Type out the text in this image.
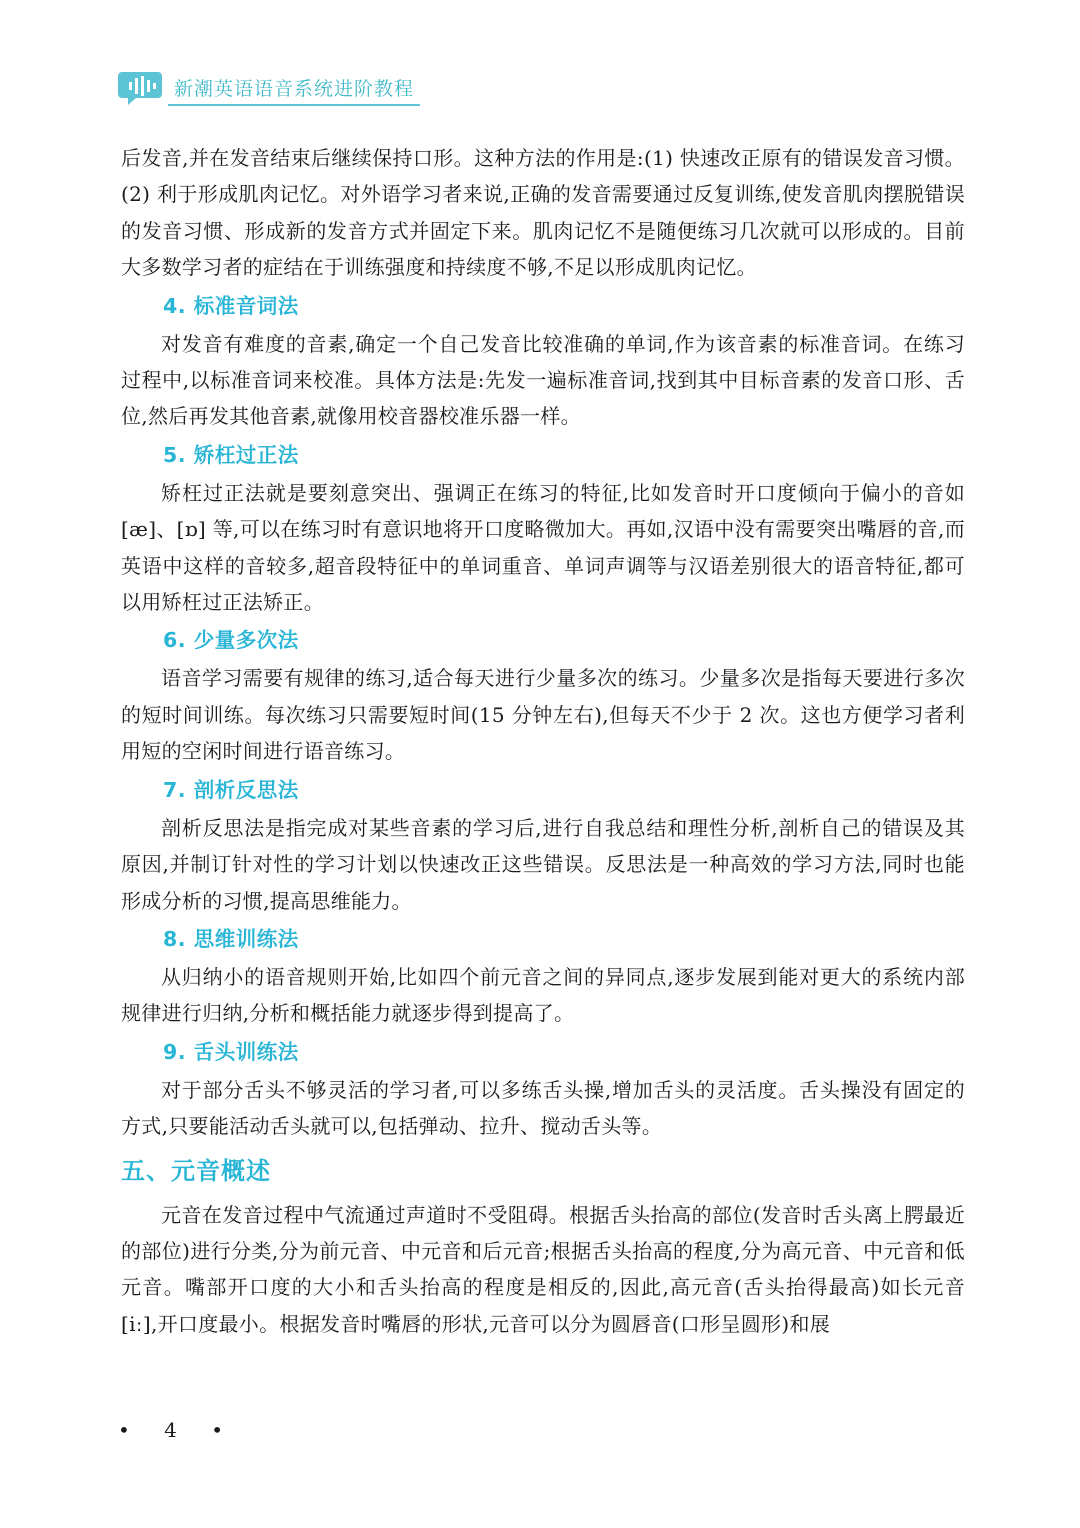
新潮英语语音系统进阶教程

后发音,并在发音结束后继续保持口形。这种方法的作用是:(1) 快速改正原有的错误发音习惯。(2) 利于形成肌肉记忆。对外语学习者来说,正确的发音需要通过反复训练,使发音肌肉摆脱错误的发音习惯、形成新的发音方式并固定下来。肌肉记忆不是随便练习几次就可以形成的。目前大多数学习者的症结在于训练强度和持续度不够,不足以形成肌肉记忆。

4. 标准音词法

对发音有难度的音素,确定一个自己发音比较准确的单词,作为该音素的标准音词。在练习过程中,以标准音词来校准。具体方法是:先发一遍标准音词,找到其中目标音素的发音口形、舌位,然后再发其他音素,就像用校音器校准乐器一样。

5. 矫枉过正法

矫枉过正法就是要刻意突出、强调正在练习的特征,比如发音时开口度倾向于偏小的音如 [æ]、[ɒ] 等,可以在练习时有意识地将开口度略微加大。再如,汉语中没有需要突出嘴唇的音,而英语中这样的音较多,超音段特征中的单词重音、单词声调等与汉语差别很大的语音特征,都可以用矫枉过正法矫正。

6. 少量多次法

语音学习需要有规律的练习,适合每天进行少量多次的练习。少量多次是指每天要进行多次的短时间训练。每次练习只需要短时间(15 分钟左右),但每天不少于 2 次。这也方便学习者利用短的空闲时间进行语音练习。

7. 剖析反思法

剖析反思法是指完成对某些音素的学习后,进行自我总结和理性分析,剖析自己的错误及其原因,并制订针对性的学习计划以快速改正这些错误。反思法是一种高效的学习方法,同时也能形成分析的习惯,提高思维能力。

8. 思维训练法

从归纳小的语音规则开始,比如四个前元音之间的异同点,逐步发展到能对更大的系统内部规律进行归纳,分析和概括能力就逐步得到提高了。

9. 舌头训练法

对于部分舌头不够灵活的学习者,可以多练舌头操,增加舌头的灵活度。舌头操没有固定的方式,只要能活动舌头就可以,包括弹动、拉升、搅动舌头等。

五、元音概述

元音在发音过程中气流通过声道时不受阻碍。根据舌头抬高的部位(发音时舌头离上腭最近的部位)进行分类,分为前元音、中元音和后元音;根据舌头抬高的程度,分为高元音、中元音和低元音。嘴部开口度的大小和舌头抬高的程度是相反的,因此,高元音(舌头抬得最高)如长元音 [iː],开口度最小。根据发音时嘴唇的形状,元音可以分为圆唇音(口形呈圆形)和展

• 4 •
